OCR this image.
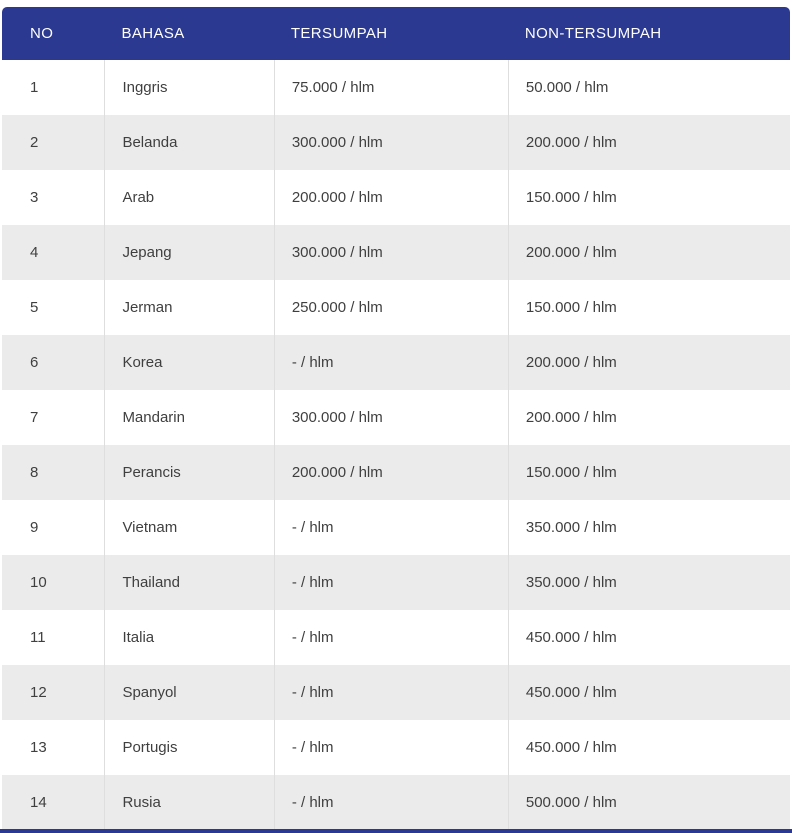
NO	BAHASA	TERSUMPAH	NON-TERSUMPAH
1	Inggris	75.000 / hlm	50.000 / hlm
2	Belanda	300.000 / hlm	200.000 / hlm
3	Arab	200.000 / hlm	150.000 / hlm
4	Jepang	300.000 / hlm	200.000 / hlm
5	Jerman	250.000 / hlm	150.000 / hlm
6	Korea	- / hlm	200.000 / hlm
7	Mandarin	300.000 / hlm	200.000 / hlm
8	Perancis	200.000 / hlm	150.000 / hlm
9	Vietnam	- / hlm	350.000 / hlm
10	Thailand	- / hlm	350.000 / hlm
11	Italia	- / hlm	450.000 / hlm
12	Spanyol	- / hlm	450.000 / hlm
13	Portugis	- / hlm	450.000 / hlm
14	Rusia	- / hlm	500.000 / hlm
